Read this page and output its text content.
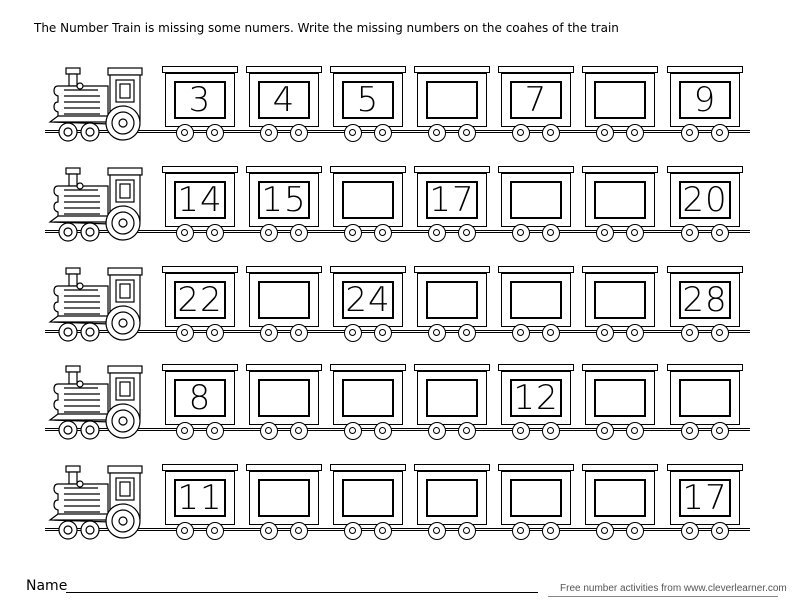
The Number Train is missing some numers. Write the missing numbers on the coahes of the train
3	4	5	7	9
14 15	17	20
22	24	28
8	12
11	17
Name	Free number activities from www.cleverlearner.com
